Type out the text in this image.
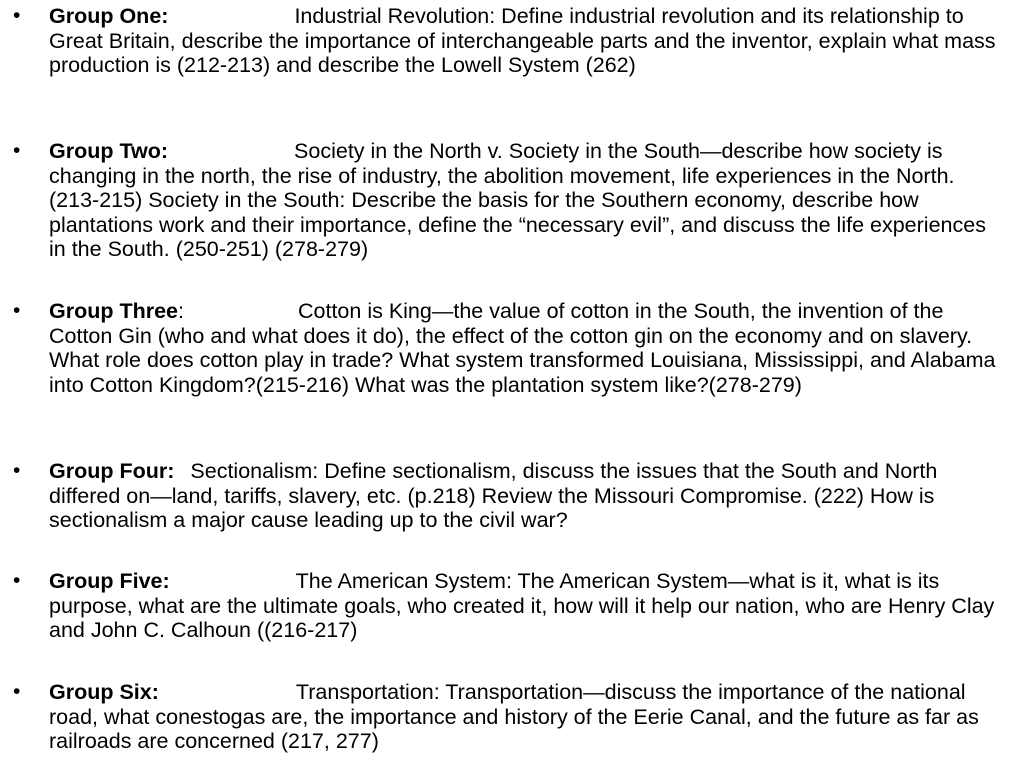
• Group One:	Industrial Revolution: Define industrial revolution and its relationship to Great Britain, describe the importance of interchangeable parts and the inventor, explain what mass production is (212-213) and describe the Lowell System (262)
• Group Two:	Society in the North v. Society in the South—describe how society is changing in the north, the rise of industry, the abolition movement, life experiences in the North. (213-215) Society in the South: Describe the basis for the Southern economy, describe how plantations work and their importance, define the “necessary evil”, and discuss the life experiences in the South. (250-251) (278-279)
• Group Three:	Cotton is King—the value of cotton in the South, the invention of the Cotton Gin (who and what does it do), the effect of the cotton gin on the economy and on slavery. What role does cotton play in trade? What system transformed Louisiana, Mississippi, and Alabama into Cotton Kingdom?(215-216) What was the plantation system like?(278-279)
• Group Four: Sectionalism: Define sectionalism, discuss the issues that the South and North differed on—land, tariffs, slavery, etc. (p.218) Review the Missouri Compromise. (222) How is sectionalism a major cause leading up to the civil war?
• Group Five:	The American System: The American System—what is it, what is its purpose, what are the ultimate goals, who created it, how will it help our nation, who are Henry Clay and John C. Calhoun ((216-217)
• Group Six:	Transportation: Transportation—discuss the importance of the national road, what conestogas are, the importance and history of the Eerie Canal, and the future as far as railroads are concerned (217, 277)
